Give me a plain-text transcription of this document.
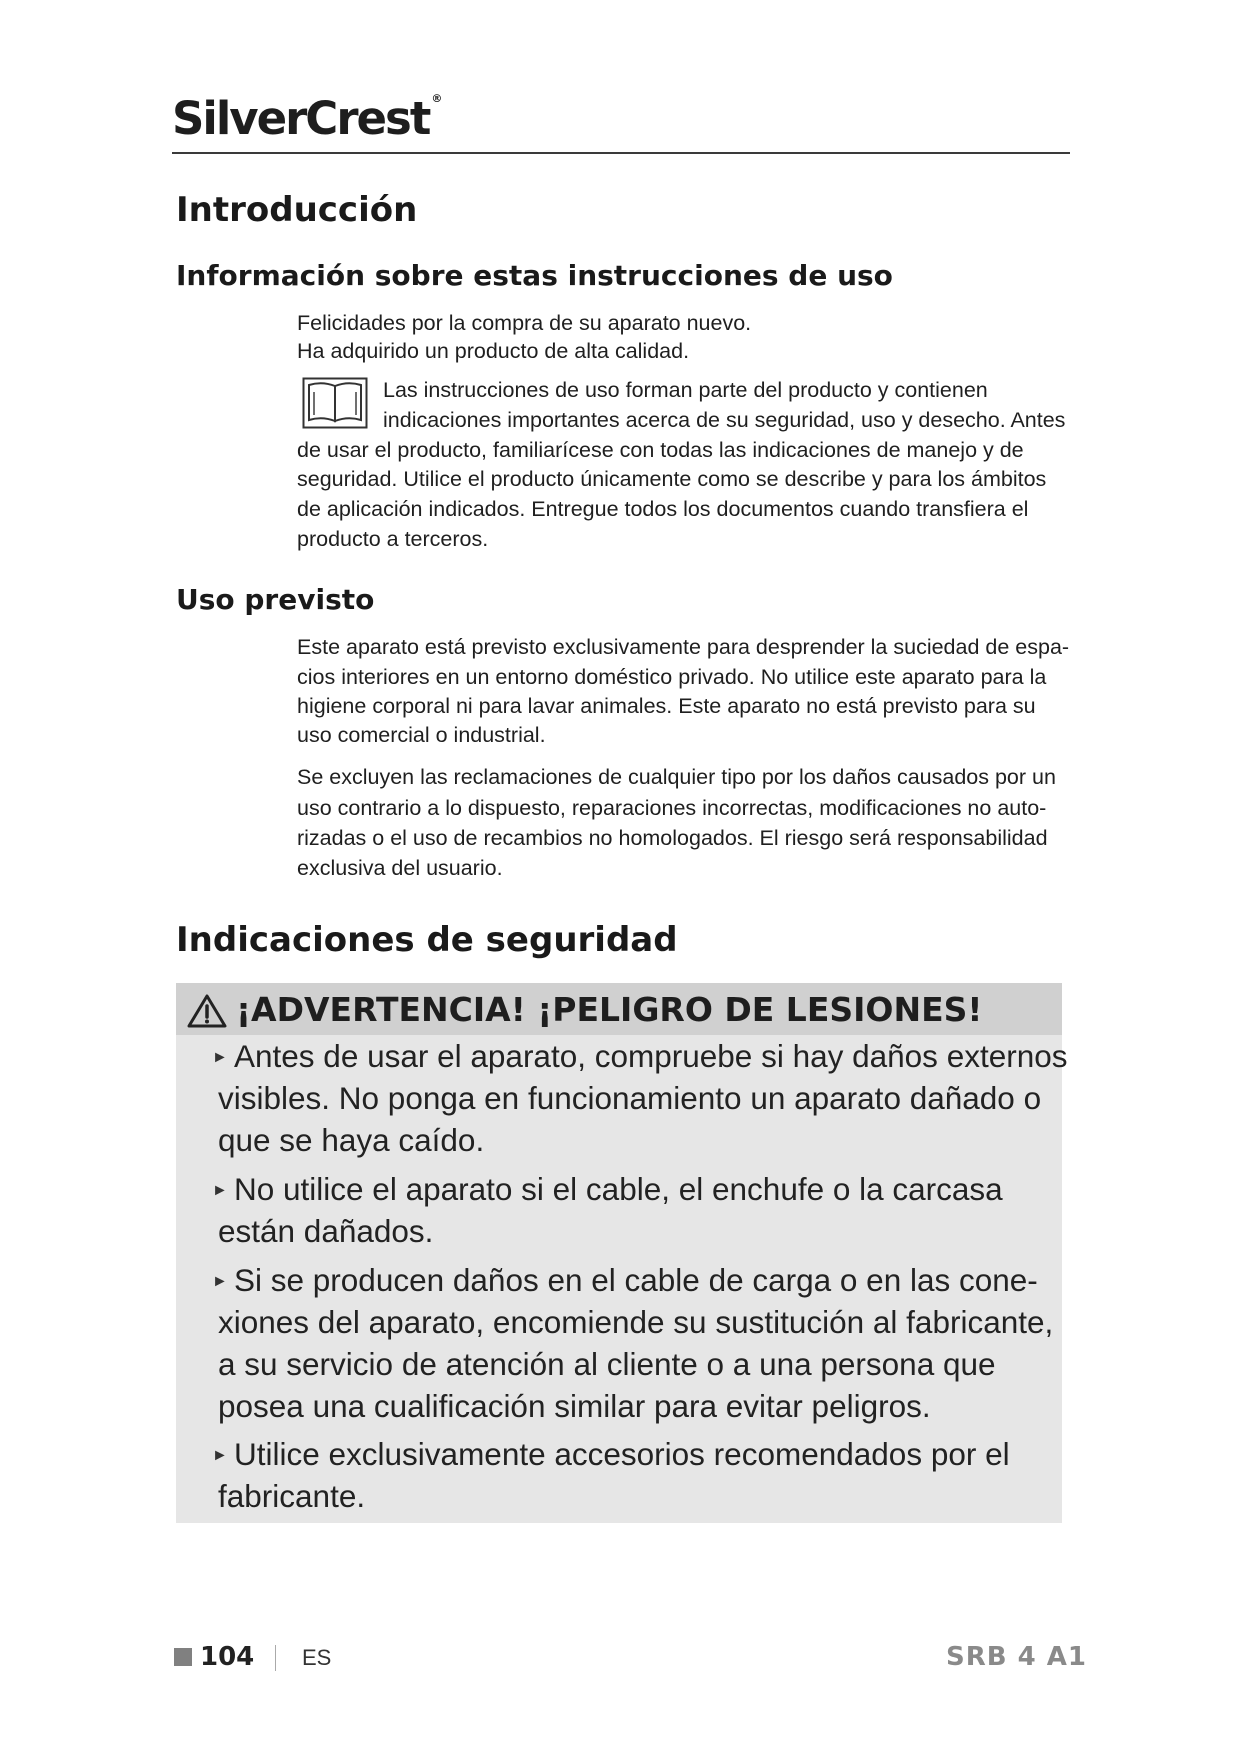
SilverCrest ®
Introducción
Información sobre estas instrucciones de uso
Felicidades por la compra de su aparato nuevo.
Ha adquirido un producto de alta calidad.
Las instrucciones de uso forman parte del producto y contienen
indicaciones importantes acerca de su seguridad, uso y desecho. Antes
de usar el producto, familiarícese con todas las indicaciones de manejo y de
seguridad. Utilice el producto únicamente como se describe y para los ámbitos
de aplicación indicados. Entregue todos los documentos cuando transfiera el
producto a terceros.
Uso previsto
Este aparato está previsto exclusivamente para desprender la suciedad de espa-
cios interiores en un entorno doméstico privado. No utilice este aparato para la
higiene corporal ni para lavar animales. Este aparato no está previsto para su
uso comercial o industrial.
Se excluyen las reclamaciones de cualquier tipo por los daños causados por un
uso contrario a lo dispuesto, reparaciones incorrectas, modificaciones no auto-
rizadas o el uso de recambios no homologados. El riesgo será responsabilidad
exclusiva del usuario.
Indicaciones de seguridad
¡ADVERTENCIA! ¡PELIGRO DE LESIONES!
► Antes de usar el aparato, compruebe si hay daños externos
visibles. No ponga en funcionamiento un aparato dañado o
que se haya caído.
► No utilice el aparato si el cable, el enchufe o la carcasa
están dañados.
► Si se producen daños en el cable de carga o en las cone-
xiones del aparato, encomiende su sustitución al fabricante,
a su servicio de atención al cliente o a una persona que
posea una cualificación similar para evitar peligros.
► Utilice exclusivamente accesorios recomendados por el
fabricante.
104 ES	SRB 4 A1
